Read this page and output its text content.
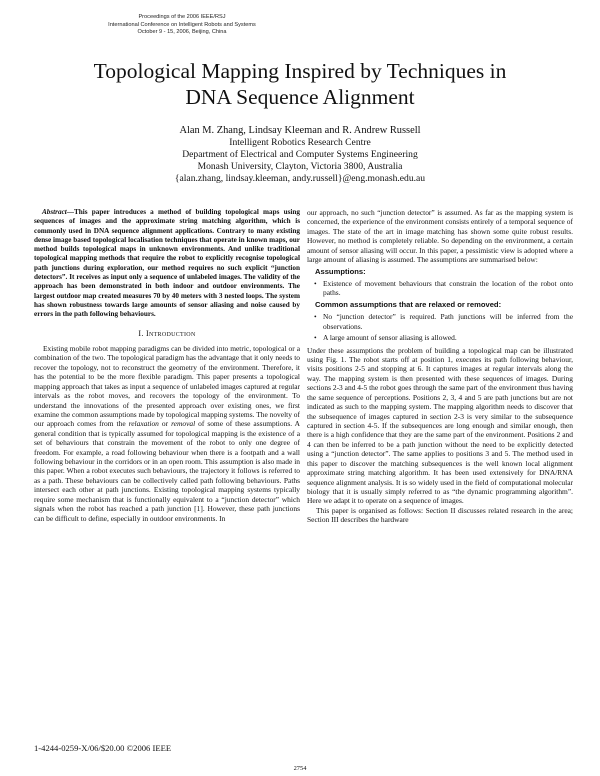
Proceedings of the 2006 IEEE/RSJ
International Conference on Intelligent Robots and Systems
October 9 - 15, 2006, Beijing, China
Topological Mapping Inspired by Techniques in
DNA Sequence Alignment
Alan M. Zhang, Lindsay Kleeman and R. Andrew Russell
Intelligent Robotics Research Centre
Department of Electrical and Computer Systems Engineering
Monash University, Clayton, Victoria 3800, Australia
{alan.zhang, lindsay.kleeman, andy.russell}@eng.monash.edu.au

Abstract—This paper introduces a method of building topological maps using sequences of images and the approximate string matching algorithm, which is commonly used in DNA sequence alignment applications. Contrary to many existing dense image based topological localisation techniques that operate in known maps, our method builds topological maps in unknown environments. And unlike traditional topological mapping methods that require the robot to explicitly recognise topological path junctions during exploration, our method requires no such explicit “junction detectors”. It receives as input only a sequence of unlabeled images. The validity of the approach has been demonstrated in both indoor and outdoor environments. The largest outdoor map created measures 70 by 40 meters with 3 nested loops. The system has shown robustness towards large amounts of sensor aliasing and noise caused by errors in the path following behaviours.

I. Introduction

Existing mobile robot mapping paradigms can be divided into metric, topological or a combination of the two. The topological paradigm has the advantage that it only needs to recover the topology, not to reconstruct the geometry of the environment. Therefore, it has the potential to be the more flexible paradigm. This paper presents a topological mapping approach that takes as input a sequence of unlabeled images captured at regular intervals as the robot moves, and recovers the topology of the environment. To understand the innovations of the presented approach over existing ones, we first examine the common assumptions made by topological mapping systems. The novelty of our approach comes from the relaxation or removal of some of these assumptions. A general condition that is typically assumed for topological mapping is the existence of a set of behaviours that constrain the movement of the robot to only one degree of freedom. For example, a road following behaviour when there is a footpath and a wall following behaviour in the corridors or in an open room. This assumption is also made in this paper. When a robot executes such behaviours, the trajectory it follows is referred to as a path. These behaviours can be collectively called path following behaviours. Paths intersect each other at path junctions. Existing topological mapping systems typically require some mechanism that is functionally equivalent to a “junction detector” which signals when the robot has reached a path junction [1]. However, these path junctions can be difficult to define, especially in outdoor environments. In

our approach, no such “junction detector” is assumed. As far as the mapping system is concerned, the experience of the environment consists entirely of a temporal sequence of images. The state of the art in image matching has shown some quite robust results. However, no method is completely reliable. So depending on the environment, a certain amount of sensor aliasing will occur. In this paper, a pessimistic view is adopted where a large amount of aliasing is assumed. The assumptions are summarised below:

Assumptions:
• Existence of movement behaviours that constrain the location of the robot onto paths.
Common assumptions that are relaxed or removed:
• No “junction detector” is required. Path junctions will be inferred from the observations.
• A large amount of sensor aliasing is allowed.

Under these assumptions the problem of building a topological map can be illustrated using Fig. 1. The robot starts off at position 1, executes its path following behaviour, visits positions 2-5 and stopping at 6. It captures images at regular intervals along the way. The mapping system is then presented with these sequences of images. During sections 2-3 and 4-5 the robot goes through the same part of the environment thus having the same sequence of perceptions. Positions 2, 3, 4 and 5 are path junctions but are not indicated as such to the mapping system. The mapping algorithm needs to discover that the subsequence of images captured in section 2-3 is very similar to the subsequence captured in section 4-5. If the subsequences are long enough and similar enough, then there is a high confidence that they are the same part of the environment. Positions 2 and 4 can then be inferred to be a path junction without the need to be explicitly detected using a “junction detector”. The same applies to positions 3 and 5. The method used in this paper to discover the matching subsequences is the well known local alignment approximate string matching algorithm. It has been used extensively for DNA/RNA sequence alignment analysis. It is so widely used in the field of computational molecular biology that it is usually simply referred to as “the dynamic programming algorithm”. Here we adapt it to operate on a sequence of images.

This paper is organised as follows: Section II discusses related research in the area; Section III describes the hardware

1-4244-0259-X/06/$20.00 ©2006 IEEE
2754
